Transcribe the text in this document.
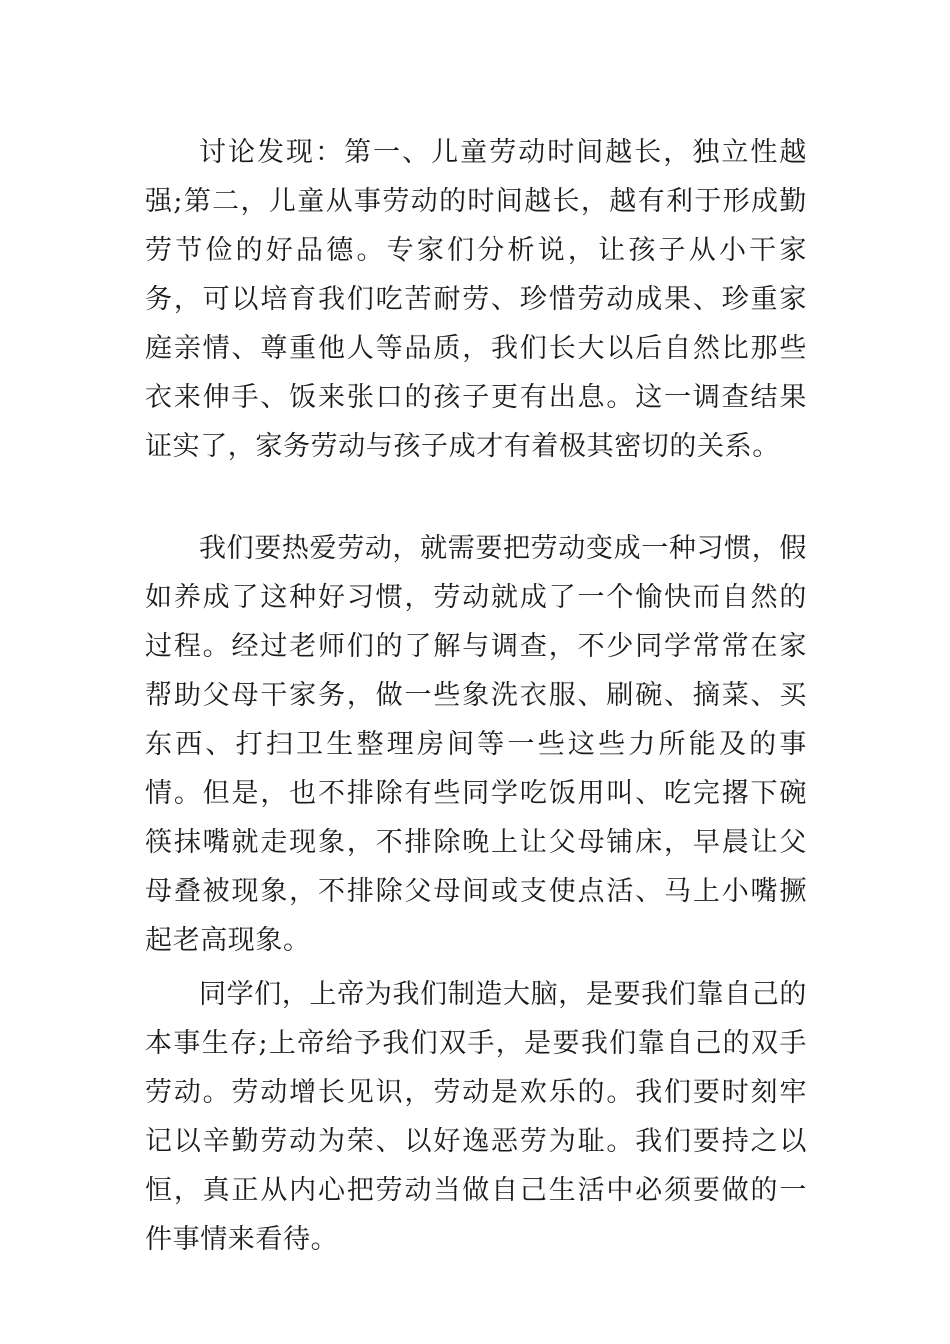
讨论发现：第一、儿童劳动时间越长，独立性越强;第二，儿童从事劳动的时间越长，越有利于形成勤劳节俭的好品德。专家们分析说，让孩子从小干家务，可以培育我们吃苦耐劳、珍惜劳动成果、珍重家庭亲情、尊重他人等品质，我们长大以后自然比那些衣来伸手、饭来张口的孩子更有出息。这一调查结果证实了，家务劳动与孩子成才有着极其密切的关系。

我们要热爱劳动，就需要把劳动变成一种习惯，假如养成了这种好习惯，劳动就成了一个愉快而自然的过程。经过老师们的了解与调查，不少同学常常在家帮助父母干家务，做一些象洗衣服、刷碗、摘菜、买东西、打扫卫生整理房间等一些这些力所能及的事情。但是，也不排除有些同学吃饭用叫、吃完撂下碗筷抹嘴就走现象，不排除晚上让父母铺床，早晨让父母叠被现象，不排除父母间或支使点活、马上小嘴撅起老高现象。

同学们，上帝为我们制造大脑，是要我们靠自己的本事生存;上帝给予我们双手，是要我们靠自己的双手劳动。劳动增长见识，劳动是欢乐的。我们要时刻牢记以辛勤劳动为荣、以好逸恶劳为耻。我们要持之以恒，真正从内心把劳动当做自己生活中必须要做的一件事情来看待。
